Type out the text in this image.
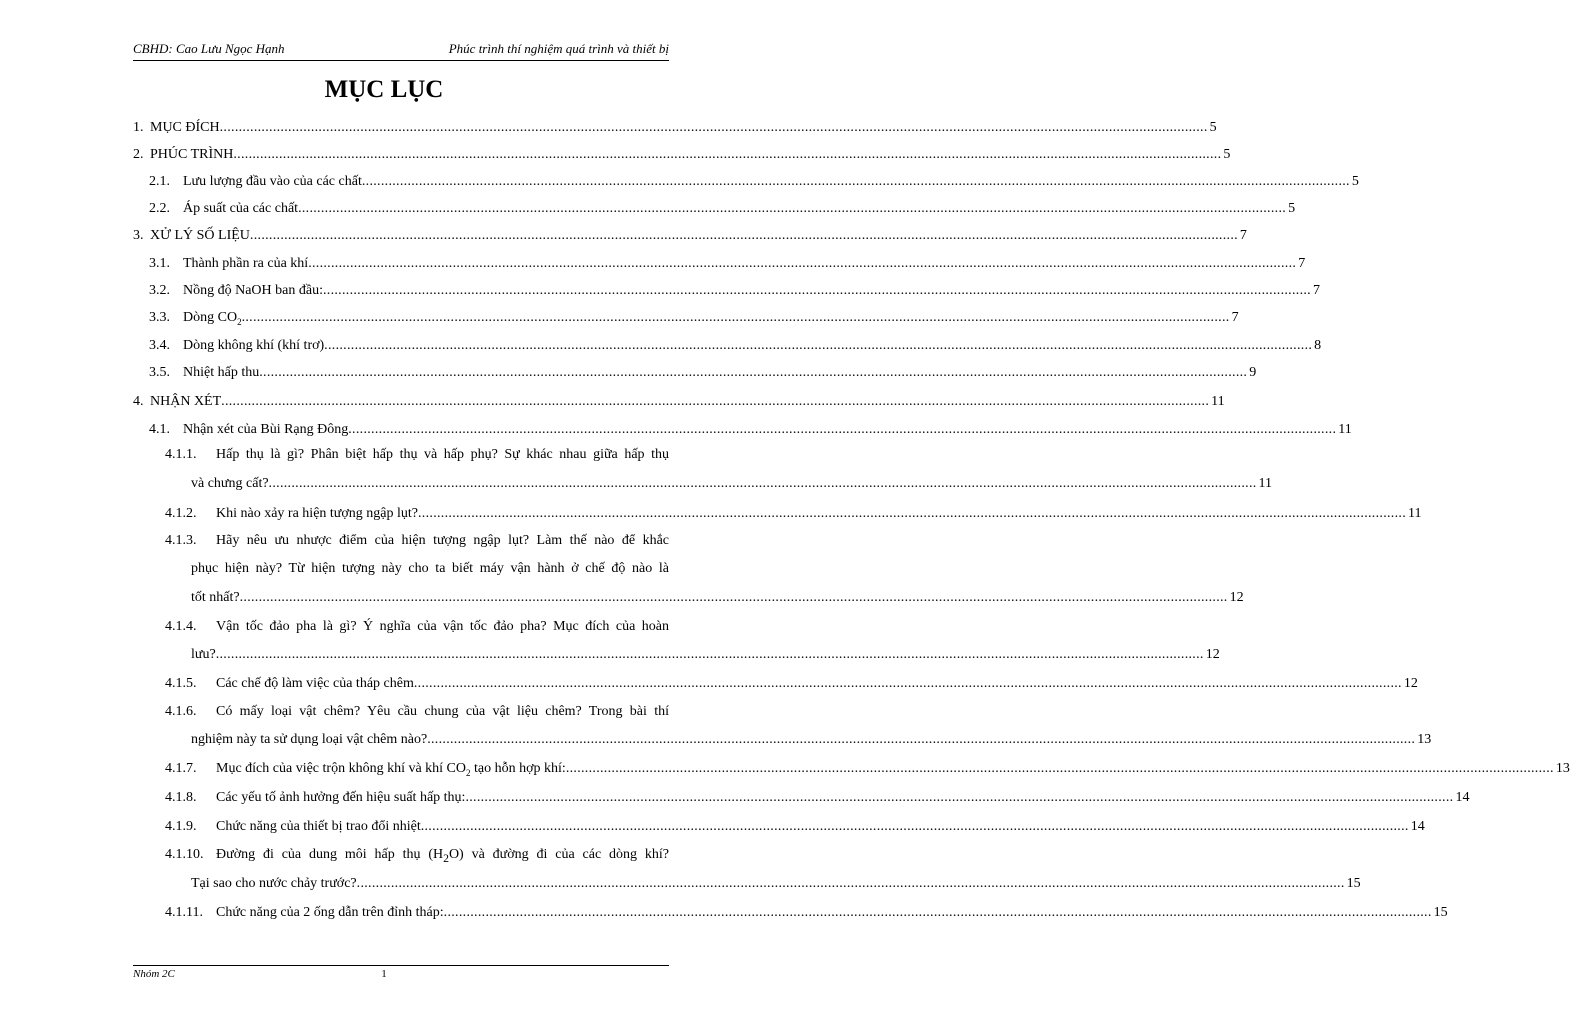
CBHD: Cao Lưu Ngọc Hạnh	Phúc trình thí nghiệm quá trình và thiết bị
MỤC LỤC
1. MỤC ĐÍCH .................................................................................................................................................................................................................................................................... 5
2. PHÚC TRÌNH .................................................................................................................................................................................................................................................................... 5
2.1. Lưu lượng đầu vào của các chất .................................................................................................................................................................................................................................................................... 5
2.2. Áp suất của các chất .................................................................................................................................................................................................................................................................... 5
3. XỬ LÝ SỐ LIỆU .................................................................................................................................................................................................................................................................... 7
3.1. Thành phần ra của khí .................................................................................................................................................................................................................................................................... 7
3.2. Nồng độ NaOH ban đầu: .................................................................................................................................................................................................................................................................... 7
3.3. Dòng $CO_2$ .................................................................................................................................................................................................................................................................... 7
3.4. Dòng không khí (khí trơ) .................................................................................................................................................................................................................................................................... 8
3.5. Nhiệt hấp thu .................................................................................................................................................................................................................................................................... 9
4. NHẬN XÉT .................................................................................................................................................................................................................................................................... 11
4.1. Nhận xét của Bùi Rạng Đông .................................................................................................................................................................................................................................................................... 11
4.1.1. Hấp thụ là gì? Phân biệt hấp thụ và hấp phụ? Sự khác nhau giữa hấp thụ
và chưng cất? .................................................................................................................................................................................................................................................................... 11
4.1.2.	Khi nào xảy ra hiện tượng ngập lụt? .................................................................................................................................................................................................................................................................... 11
4.1.3. Hãy nêu ưu nhược điểm của hiện tượng ngập lụt? Làm thế nào để khắc
phục hiện này? Từ hiện tượng này cho ta biết máy vận hành ở chế độ nào là
tốt nhất? .................................................................................................................................................................................................................................................................... 12
4.1.4. Vận tốc đảo pha là gì? Ý nghĩa của vận tốc đảo pha? Mục đích của hoàn
lưu? .................................................................................................................................................................................................................................................................... 12
4.1.5.	Các chế độ làm việc của tháp chêm .................................................................................................................................................................................................................................................................... 12
4.1.6. Có mấy loại vật chêm? Yêu cầu chung của vật liệu chêm? Trong bài thí
nghiệm này ta sử dụng loại vật chêm nào? .................................................................................................................................................................................................................................................................... 13
4.1.7.	Mục đích của việc trộn không khí và khí $CO_2$ tạo hỗn hợp khí: .................................................................................................................................................................................................................................................................... 13
4.1.8.	Các yếu tố ảnh hưởng đến hiệu suất hấp thụ: .................................................................................................................................................................................................................................................................... 14
4.1.9.	Chức năng của thiết bị trao đổi nhiệt .................................................................................................................................................................................................................................................................... 14
4.1.10. Đường đi của dung môi hấp thụ $(H_2O)$ và đường đi của các dòng khí?
Tại sao cho nước chảy trước? .................................................................................................................................................................................................................................................................... 15
4.1.11. Chức năng của 2 ống dẫn trên đỉnh tháp: .................................................................................................................................................................................................................................................................... 15
Nhóm 2C	1
